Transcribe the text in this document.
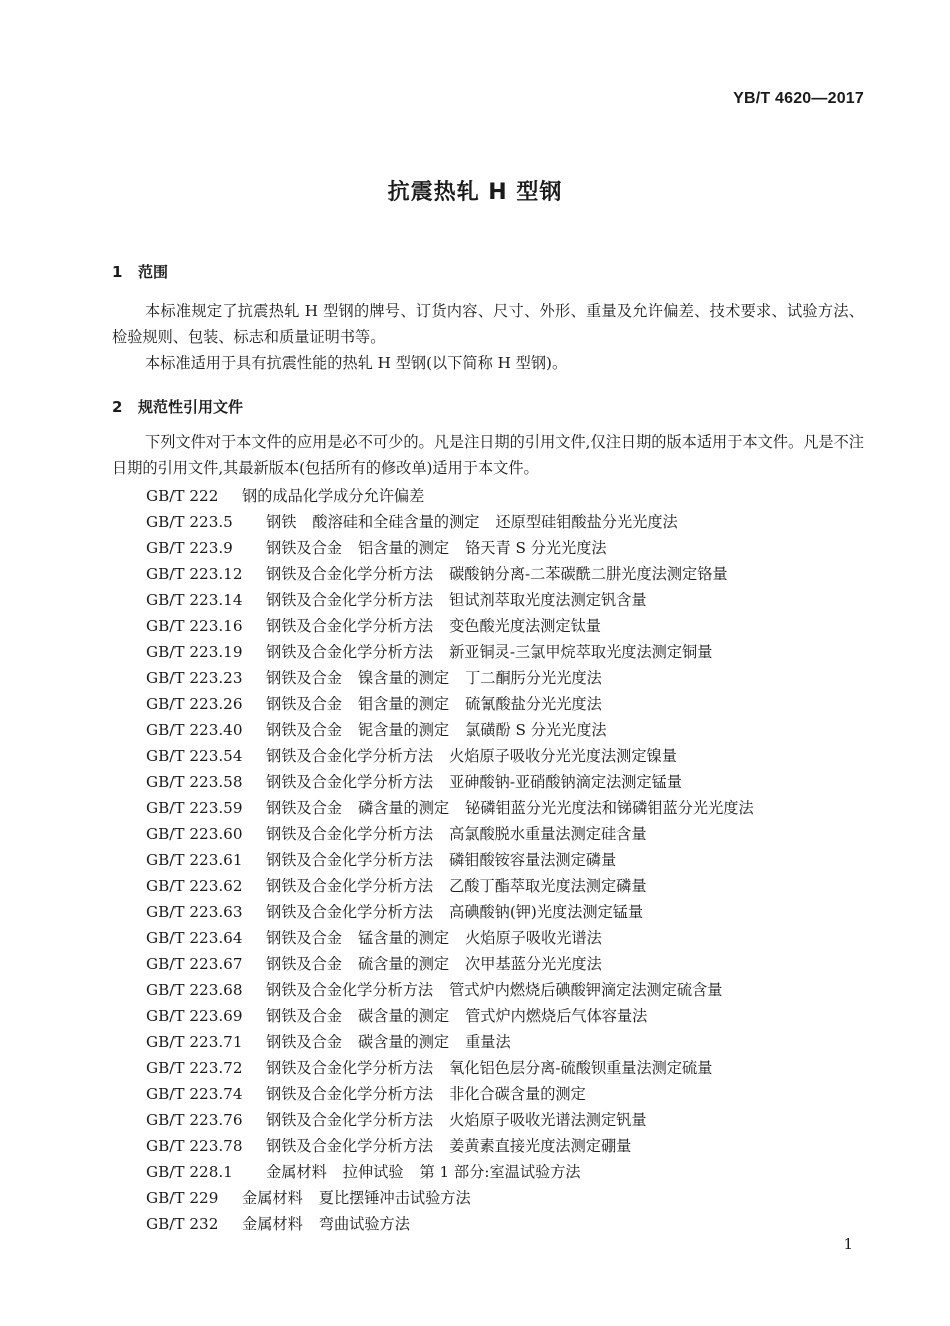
YB/T 4620—2017
抗震热轧 H 型钢
1 范围
本标准规定了抗震热轧 H 型钢的牌号、订货内容、尺寸、外形、重量及允许偏差、技术要求、试验方法、检验规则、包装、标志和质量证明书等。
本标准适用于具有抗震性能的热轧 H 型钢(以下简称 H 型钢)。
2 规范性引用文件
下列文件对于本文件的应用是必不可少的。凡是注日期的引用文件,仅注日期的版本适用于本文件。凡是不注日期的引用文件,其最新版本(包括所有的修改单)适用于本文件。
GB/T 222 钢的成品化学成分允许偏差
GB/T 223.5 钢铁 酸溶硅和全硅含量的测定 还原型硅钼酸盐分光光度法
GB/T 223.9 钢铁及合金 铝含量的测定 铬天青 S 分光光度法
GB/T 223.12 钢铁及合金化学分析方法 碳酸钠分离-二苯碳酰二肼光度法测定铬量
GB/T 223.14 钢铁及合金化学分析方法 钽试剂萃取光度法测定钒含量
GB/T 223.16 钢铁及合金化学分析方法 变色酸光度法测定钛量
GB/T 223.19 钢铁及合金化学分析方法 新亚铜灵-三氯甲烷萃取光度法测定铜量
GB/T 223.23 钢铁及合金 镍含量的测定 丁二酮肟分光光度法
GB/T 223.26 钢铁及合金 钼含量的测定 硫氰酸盐分光光度法
GB/T 223.40 钢铁及合金 铌含量的测定 氯磺酚 S 分光光度法
GB/T 223.54 钢铁及合金化学分析方法 火焰原子吸收分光光度法测定镍量
GB/T 223.58 钢铁及合金化学分析方法 亚砷酸钠-亚硝酸钠滴定法测定锰量
GB/T 223.59 钢铁及合金 磷含量的测定 铋磷钼蓝分光光度法和锑磷钼蓝分光光度法
GB/T 223.60 钢铁及合金化学分析方法 高氯酸脱水重量法测定硅含量
GB/T 223.61 钢铁及合金化学分析方法 磷钼酸铵容量法测定磷量
GB/T 223.62 钢铁及合金化学分析方法 乙酸丁酯萃取光度法测定磷量
GB/T 223.63 钢铁及合金化学分析方法 高碘酸钠(钾)光度法测定锰量
GB/T 223.64 钢铁及合金 锰含量的测定 火焰原子吸收光谱法
GB/T 223.67 钢铁及合金 硫含量的测定 次甲基蓝分光光度法
GB/T 223.68 钢铁及合金化学分析方法 管式炉内燃烧后碘酸钾滴定法测定硫含量
GB/T 223.69 钢铁及合金 碳含量的测定 管式炉内燃烧后气体容量法
GB/T 223.71 钢铁及合金 碳含量的测定 重量法
GB/T 223.72 钢铁及合金化学分析方法 氧化铝色层分离-硫酸钡重量法测定硫量
GB/T 223.74 钢铁及合金化学分析方法 非化合碳含量的测定
GB/T 223.76 钢铁及合金化学分析方法 火焰原子吸收光谱法测定钒量
GB/T 223.78 钢铁及合金化学分析方法 姜黄素直接光度法测定硼量
GB/T 228.1 金属材料 拉伸试验 第 1 部分:室温试验方法
GB/T 229 金属材料 夏比摆锤冲击试验方法
GB/T 232 金属材料 弯曲试验方法
1
